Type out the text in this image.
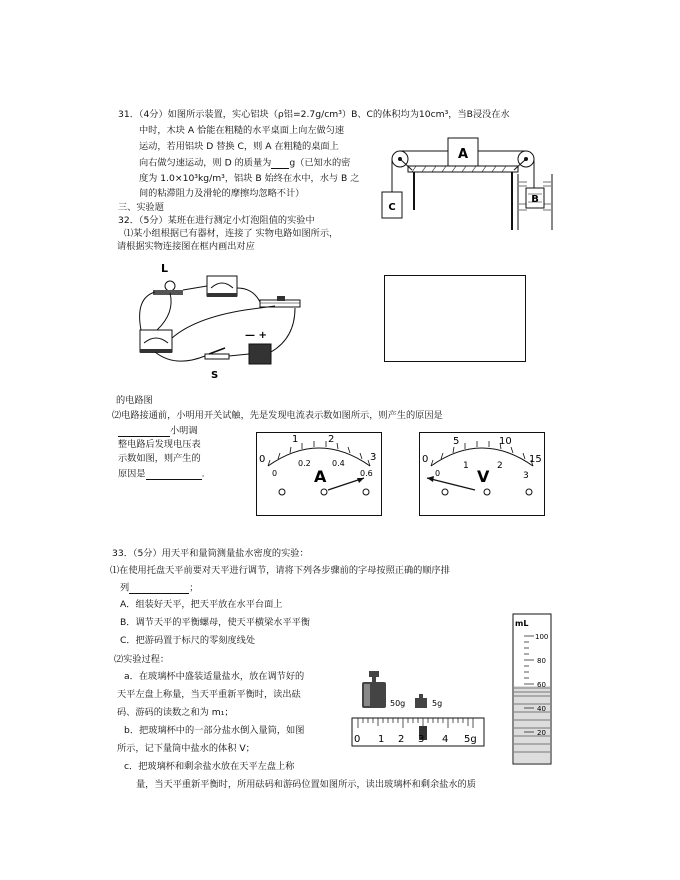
31．（4分）如图所示装置，实心铝块（ρ铝=2.7g/cm³）B、C的体积均为10cm³，当B浸没在水
中时，木块 A 恰能在粗糙的水平桌面上向左做匀速
运动，若用铝块 D 替换 C，则 A 在粗糙的桌面上
向右做匀速运动，则 D 的质量为 g（已知水的密
度为 1.0×10³kg/m³，铝块 B 始终在水中，水与 B 之
间的粘滞阻力及滑轮的摩擦均忽略不计）
A
C
B
三、实验题
32．（5分）某班在进行测定小灯泡阻值的实验中
⑴某小组根据已有器材，连接了 实物电路如图所示，
请根据实物连接图在框内画出对应
L
S
— +
的电路图
⑵电路接通前，小明用开关试触，先是发现电流表示数如图所示，则产生的原因是
小明调
整电路后发现电压表
示数如图，则产生的
原因是	.
0
1	2
3
0
0.2	0.4
0.6
A
0
5	10
15
0
1	2
3
V
33．（5分）用天平和量筒测量盐水密度的实验：
⑴在使用托盘天平前要对天平进行调节，请将下列各步骤前的字母按照正确的顺序排
列	；
A．组装好天平，把天平放在水平台面上
B．调节天平的平衡螺母，使天平横梁水平平衡
C．把游码置于标尺的零刻度线处
⑵实验过程：
a．在玻璃杯中盛装适量盐水，放在调节好的
天平左盘上称量，当天平重新平衡时，读出砝
码、游码的读数之和为 m₁；
b．把玻璃杯中的一部分盐水倒入量筒，如图
所示，记下量筒中盐水的体积 V；
c．把玻璃杯和剩余盐水放在天平左盘上称
量，当天平重新平衡时，所用砝码和游码位置如图所示，读出玻璃杯和剩余盐水的质
50g	5g
0 1 2 3 4 5g
mL
100
80
60
40
20
